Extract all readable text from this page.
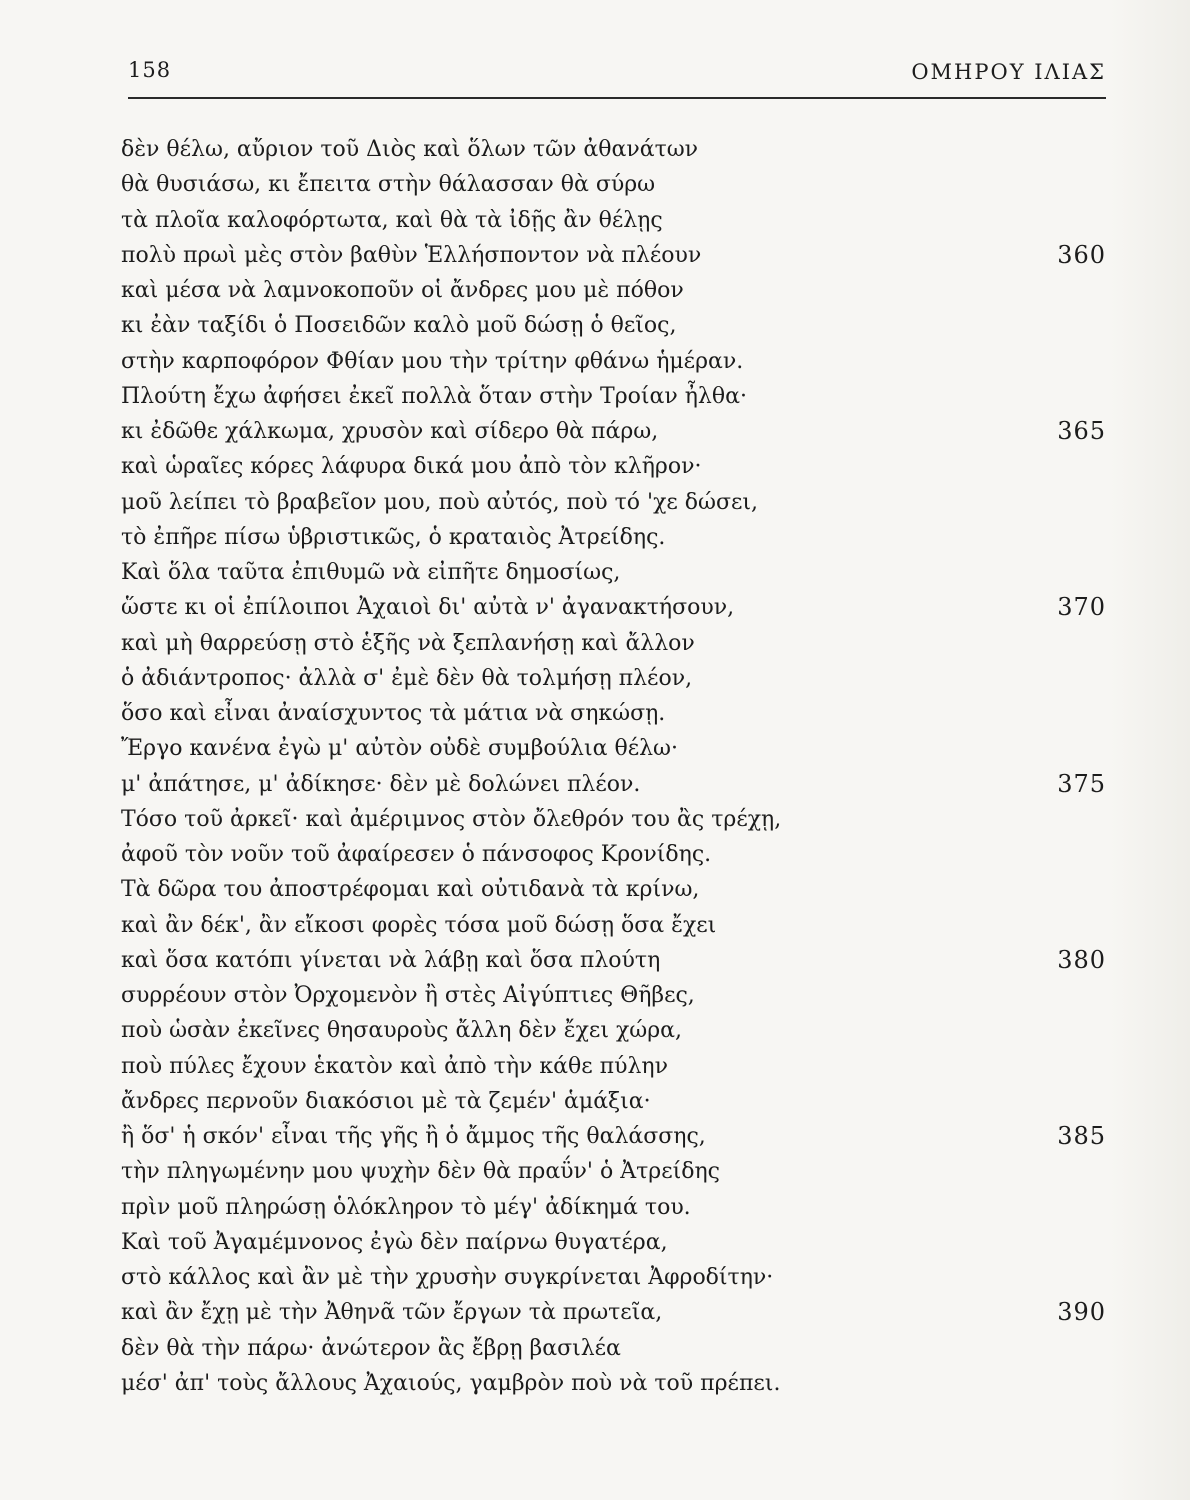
158	ΟΜΗΡΟΥ ΙΛΙΑΣ
δὲν θέλω, αὔριον τοῦ Διὸς καὶ ὅλων τῶν ἀθανάτων
θὰ θυσιάσω, κι ἔπειτα στὴν θάλασσαν θὰ σύρω
τὰ πλοῖα καλοφόρτωτα, καὶ θὰ τὰ ἰδῇς ἂν θέλῃς
πολὺ πρωὶ μὲς στὸν βαθὺν Ἑλλήσποντον νὰ πλέουν	360
καὶ μέσα νὰ λαμνοκοποῦν οἱ ἄνδρες μου μὲ πόθον
κι ἐὰν ταξίδι ὁ Ποσειδῶν καλὸ μοῦ δώσῃ ὁ θεῖος,
στὴν καρποφόρον Φθίαν μου τὴν τρίτην φθάνω ἡμέραν.
Πλούτη ἔχω ἀφήσει ἐκεῖ πολλὰ ὅταν στὴν Τροίαν ἦλθα·
κι ἐδῶθε χάλκωμα, χρυσὸν καὶ σίδερο θὰ πάρω,	365
καὶ ὡραῖες κόρες λάφυρα δικά μου ἀπὸ τὸν κλῆρον·
μοῦ λείπει τὸ βραβεῖον μου, ποὺ αὐτός, ποὺ τό 'χε δώσει,
τὸ ἐπῆρε πίσω ὑβριστικῶς, ὁ κραταιὸς Ἀτρείδης.
Καὶ ὅλα ταῦτα ἐπιθυμῶ νὰ εἰπῆτε δημοσίως,
ὥστε κι οἱ ἐπίλοιποι Ἀχαιοὶ δι' αὐτὰ ν' ἀγανακτήσουν,	370
καὶ μὴ θαρρεύσῃ στὸ ἑξῆς νὰ ξεπλανήσῃ καὶ ἄλλον
ὁ ἀδιάντροπος· ἀλλὰ σ' ἐμὲ δὲν θὰ τολμήσῃ πλέον,
ὅσο καὶ εἶναι ἀναίσχυντος τὰ μάτια νὰ σηκώσῃ.
Ἔργο κανένα ἐγὼ μ' αὐτὸν οὐδὲ συμβούλια θέλω·
μ' ἀπάτησε, μ' ἀδίκησε· δὲν μὲ δολώνει πλέον.	375
Τόσο τοῦ ἀρκεῖ· καὶ ἀμέριμνος στὸν ὄλεθρόν του ἂς τρέχῃ,
ἀφοῦ τὸν νοῦν τοῦ ἀφαίρεσεν ὁ πάνσοφος Κρονίδης.
Τὰ δῶρα του ἀποστρέφομαι καὶ οὐτιδανὰ τὰ κρίνω,
καὶ ἂν δέκ', ἂν εἴκοσι φορὲς τόσα μοῦ δώσῃ ὅσα ἔχει
καὶ ὅσα κατόπι γίνεται νὰ λάβῃ καὶ ὅσα πλούτη	380
συρρέουν στὸν Ὀρχομενὸν ἢ στὲς Αἰγύπτιες Θῆβες,
ποὺ ὡσὰν ἐκεῖνες θησαυροὺς ἄλλη δὲν ἔχει χώρα,
ποὺ πύλες ἔχουν ἑκατὸν καὶ ἀπὸ τὴν κάθε πύλην
ἄνδρες περνοῦν διακόσιοι μὲ τὰ ζεμέν' ἁμάξια·
ἢ ὅσ' ἡ σκόν' εἶναι τῆς γῆς ἢ ὁ ἄμμος τῆς θαλάσσης,	385
τὴν πληγωμένην μου ψυχὴν δὲν θὰ πραΰν' ὁ Ἀτρείδης
πρὶν μοῦ πληρώσῃ ὁλόκληρον τὸ μέγ' ἀδίκημά του.
Καὶ τοῦ Ἀγαμέμνονος ἐγὼ δὲν παίρνω θυγατέρα,
στὸ κάλλος καὶ ἂν μὲ τὴν χρυσὴν συγκρίνεται Ἀφροδίτην·
καὶ ἂν ἔχῃ μὲ τὴν Ἀθηνᾶ τῶν ἔργων τὰ πρωτεῖα,	390
δὲν θὰ τὴν πάρω· ἀνώτερον ἂς ἔβρῃ βασιλέα
μέσ' ἀπ' τοὺς ἄλλους Ἀχαιούς, γαμβρὸν ποὺ νὰ τοῦ πρέπει.
